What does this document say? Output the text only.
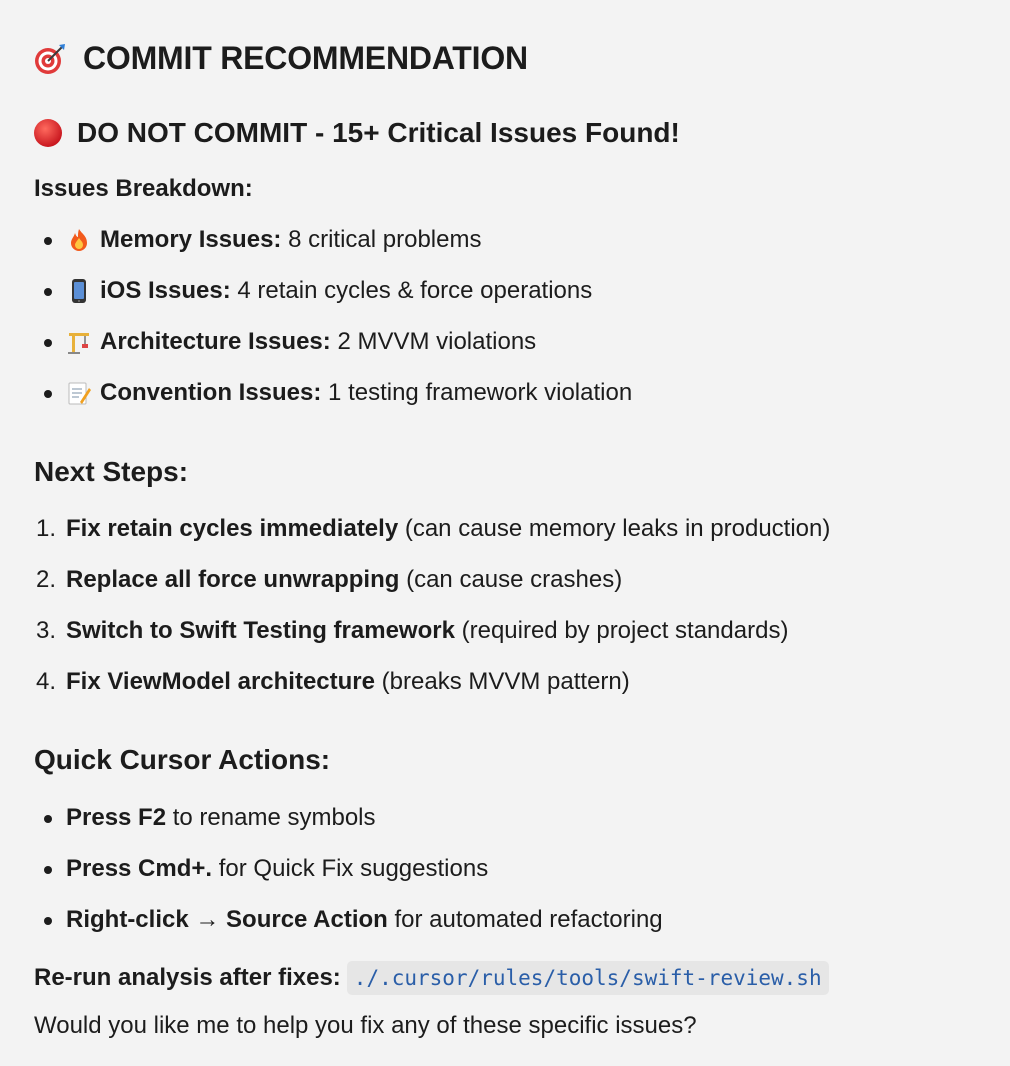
COMMIT RECOMMENDATION
DO NOT COMMIT - 15+ Critical Issues Found!

Issues Breakdown:

Memory Issues:
8 critical problems
iOS Issues:
4 retain cycles & force operations
Architecture Issues:
2 MVVM violations
Convention Issues:
1 testing framework violation

Next Steps:

1. Fix retain cycles immediately
(can cause memory leaks in production)
2. Replace all force unwrapping
(can cause crashes)
3. Switch to Swift Testing framework
(required by project standards)
4. Fix ViewModel architecture
(breaks MVVM pattern)

Quick Cursor Actions:

Press F2
to rename symbols
Press Cmd+.
for Quick Fix suggestions
Right-click → Source Action
for automated refactoring
Re-run analysis after fixes: ./.cursor/rules/tools/swift-review.sh

Would you like me to help you fix any of these specific issues?
